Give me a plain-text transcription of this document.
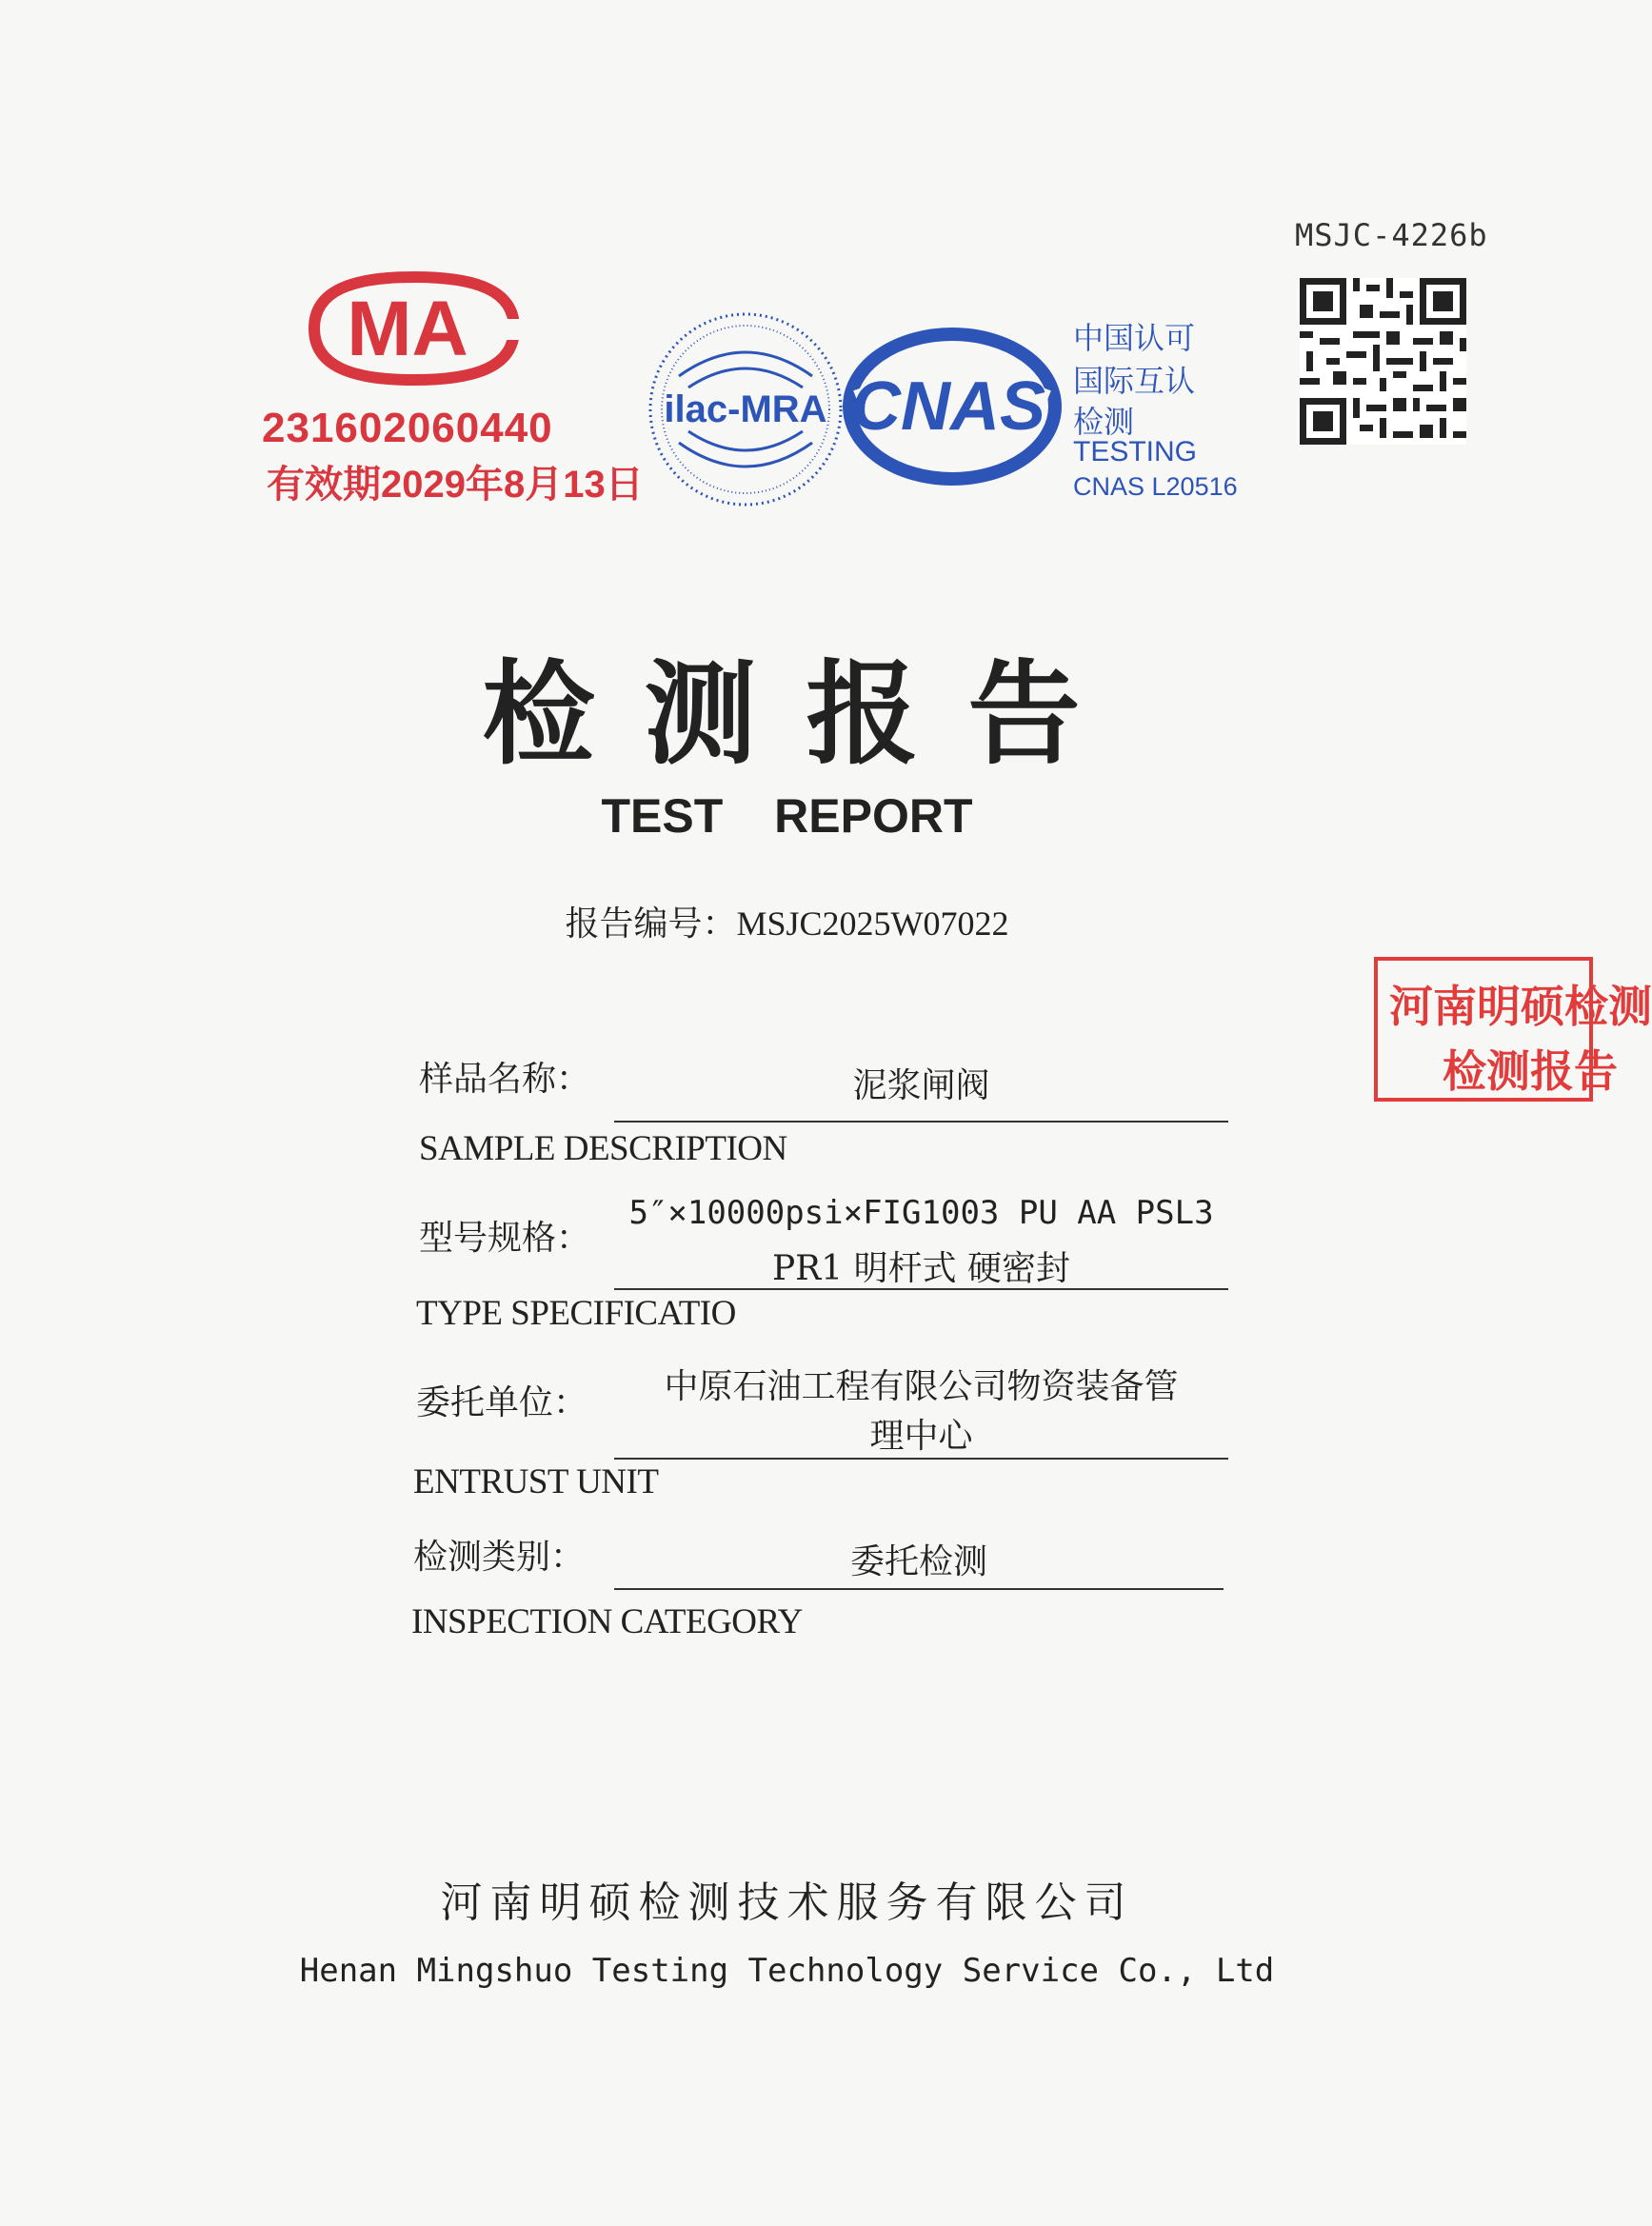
MSJC-4226b
MA
231602060440
有效期2029年8月13日
ilac-MRA CNAS
中国认可
国际互认
检测
TESTING
CNAS L20516
检测报告
TEST REPORT
报告编号：MSJC2025W07022
河南明硕检测
检测报告
样品名称：	泥浆闸阀
SAMPLE DESCRIPTION
型号规格：
5″×10000psi×FIG1003 PU AA PSL3
PR1 明杆式 硬密封
TYPE SPECIFICATIO
委托单位：	中原石油工程有限公司物资装备管
理中心
ENTRUST UNIT
检测类别：	委托检测
INSPECTION CATEGORY
河南明硕检测技术服务有限公司
Henan Mingshuo Testing Technology Service Co., Ltd
